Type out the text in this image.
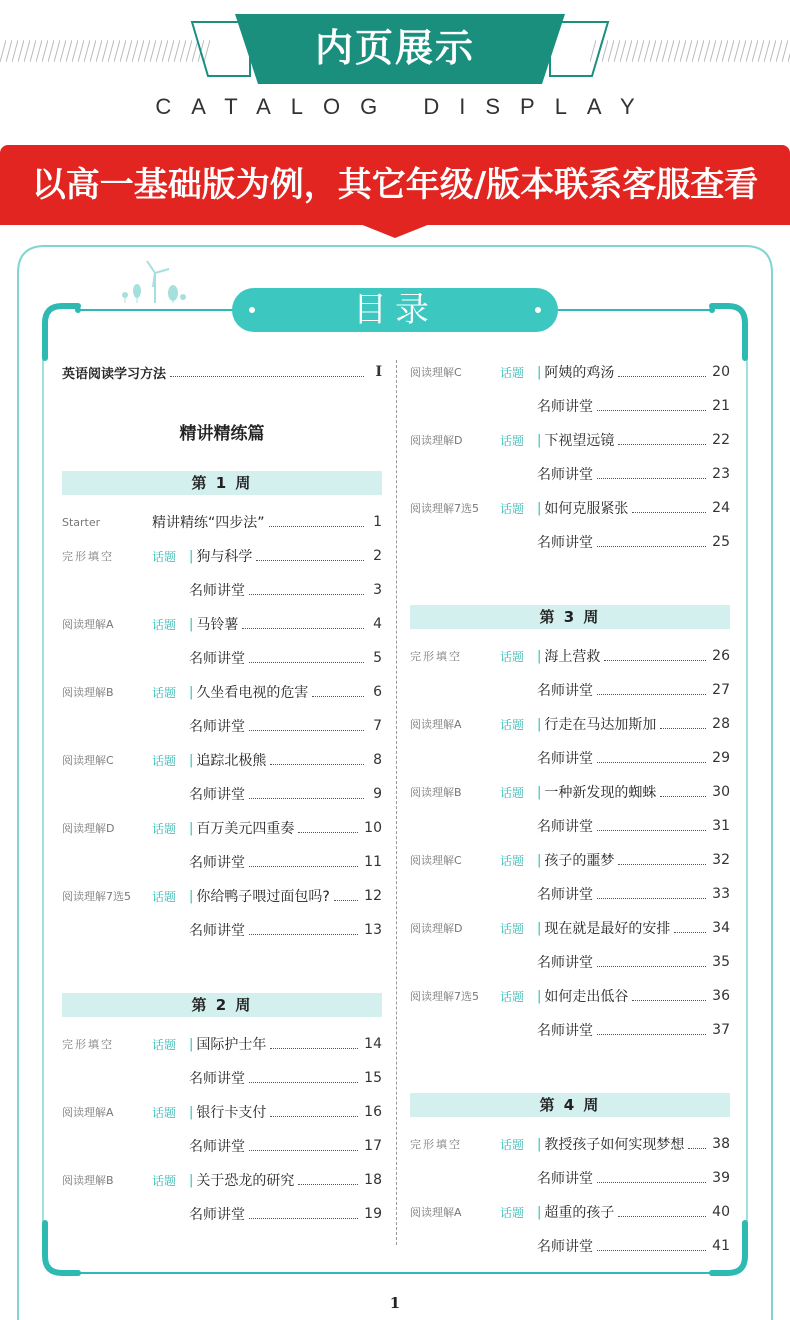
内页展示
CATALOG DISPLAY
以高一基础版为例，其它年级/版本联系客服查看
目录
英语阅读学习方法	I
精讲精练篇
第 1 周
Starter	精讲精练“四步法”	1
完形填空	话题 | 狗与科学	2
名师讲堂	3
阅读理解A	话题 | 马铃薯	4
名师讲堂	5
阅读理解B	话题 | 久坐看电视的危害	6
名师讲堂	7
阅读理解C	话题 | 追踪北极熊	8
名师讲堂	9
阅读理解D	话题 | 百万美元四重奏	10
名师讲堂	11
阅读理解7选5	话题 | 你给鸭子喂过面包吗? 12
名师讲堂	13
第 2 周
完形填空	话题 | 国际护士年	14
名师讲堂	15
阅读理解A	话题 | 银行卡支付	16
名师讲堂	17
阅读理解B	话题 | 关于恐龙的研究	18
名师讲堂	19
阅读理解C	话题 | 阿姨的鸡汤	20
名师讲堂	21
阅读理解D	话题 | 下视望远镜	22
名师讲堂	23
阅读理解7选5	话题 | 如何克服紧张	24
名师讲堂	25
第 3 周
完形填空	话题 | 海上营救	26
名师讲堂	27
阅读理解A	话题 | 行走在马达加斯加	28
名师讲堂	29
阅读理解B	话题 | 一种新发现的蜘蛛	30
名师讲堂	31
阅读理解C	话题 | 孩子的噩梦	32
名师讲堂	33
阅读理解D	话题 | 现在就是最好的安排	34
名师讲堂	35
阅读理解7选5	话题 | 如何走出低谷	36
名师讲堂	37
第 4 周
完形填空	话题 | 教授孩子如何实现梦想 38
名师讲堂	39
阅读理解A	话题 | 超重的孩子	40
名师讲堂	41
1
